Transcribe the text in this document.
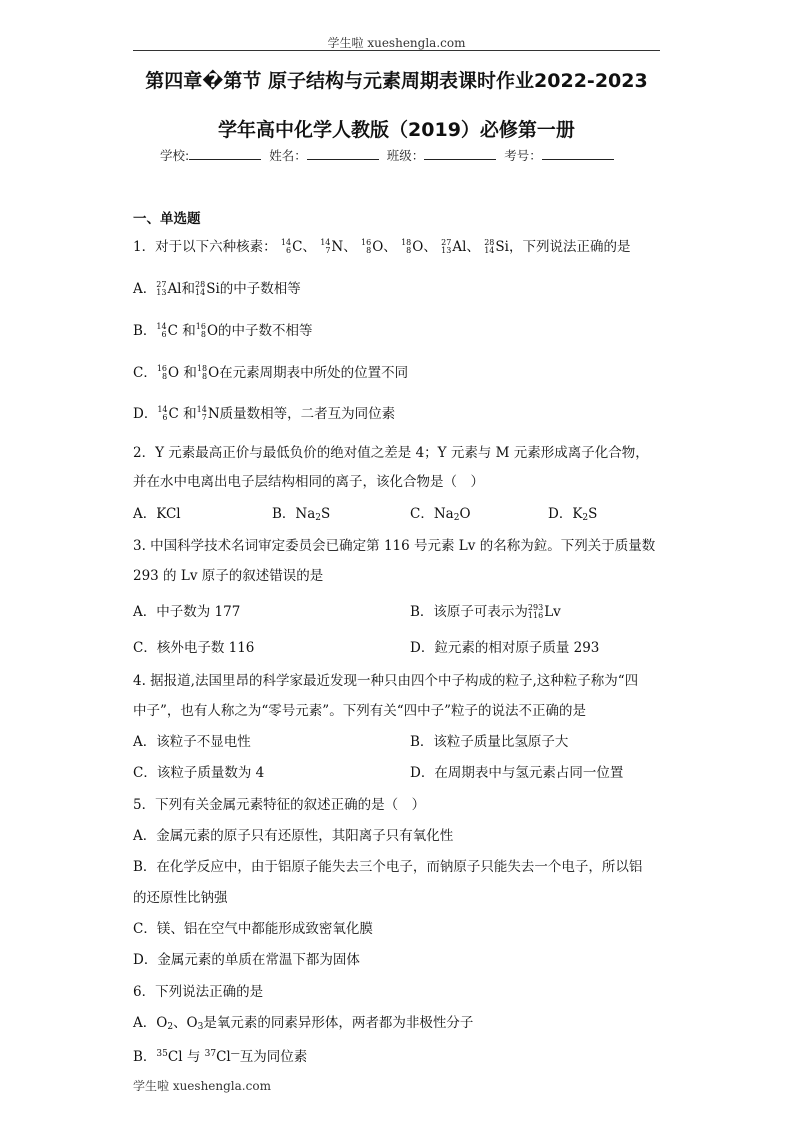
学生啦 xueshengla.com
第四章�第节 原子结构与元素周期表课时作业2022-2023
学年高中化学人教版（2019）必修第一册
学校:	姓名：	班级：	考号：
一、单选题
1．对于以下六种核素： 14
6 C、 14
7 N、 16
8 O、 18
8 O、 27
13 Al、 28
14 Si，下列说法正确的是
A． 27
13 Al和 28
14 Si的中子数相等
B． 14
6 C 和 16
8 O的中子数不相等
C． 16
8 O 和 18
8 O在元素周期表中所处的位置不同
D． 14
6 C 和 14
7 N质量数相等，二者互为同位素
2．Y 元素最高正价与最低负价的绝对值之差是 4；Y 元素与 M 元素形成离子化合物，
并在水中电离出电子层结构相同的离子，该化合物是（　）
A．KCl	B．$Na_2S$	C．$Na_2O$	D．$K_2S$
3. 中国科学技术名词审定委员会已确定第 116 号元素 Lv 的名称为鉝。下列关于质量数
293 的 Lv 原子的叙述错误的是
A．中子数为 177	B．该原子可表示为 293
116 Lv
C．核外电子数 116	D．鉝元素的相对原子质量 293
4. 据报道,法国里昂的科学家最近发现一种只由四个中子构成的粒子,这种粒子称为“四
中子”，也有人称之为“零号元素”。下列有关“四中子”粒子的说法不正确的是
A．该粒子不显电性	B．该粒子质量比氢原子大
C．该粒子质量数为 4	D．在周期表中与氢元素占同一位置
5．下列有关金属元素特征的叙述正确的是（　）
A．金属元素的原子只有还原性，其阳离子只有氧化性
B．在化学反应中，由于铝原子能失去三个电子，而钠原子只能失去一个电子，所以铝
的还原性比钠强
C．镁、铝在空气中都能形成致密氧化膜
D．金属元素的单质在常温下都为固体
6．下列说法正确的是
A．$O_2$、$O_3$是氧元素的同素异形体，两者都为非极性分子
B．$^{35}$Cl 与 $^{37}$Cl—互为同位素
学生啦 xueshengla.com
